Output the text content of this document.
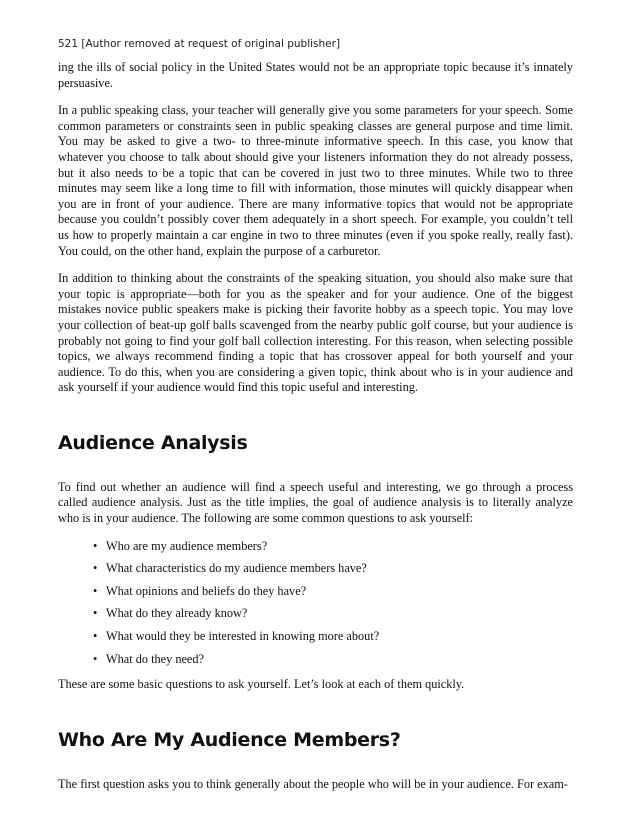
521 [Author removed at request of original publisher]

ing the ills of social policy in the United States would not be an appropriate topic because it’s innately persuasive.

In a public speaking class, your teacher will generally give you some parameters for your speech. Some common parameters or constraints seen in public speaking classes are general purpose and time limit. You may be asked to give a two- to three-minute informative speech. In this case, you know that whatever you choose to talk about should give your listeners information they do not already possess, but it also needs to be a topic that can be covered in just two to three minutes. While two to three minutes may seem like a long time to fill with information, those minutes will quickly disappear when you are in front of your audience. There are many informative topics that would not be appropriate because you couldn’t possibly cover them adequately in a short speech. For example, you couldn’t tell us how to properly maintain a car engine in two to three minutes (even if you spoke really, really fast). You could, on the other hand, explain the purpose of a carburetor.

In addition to thinking about the constraints of the speaking situation, you should also make sure that your topic is appropriate—both for you as the speaker and for your audience. One of the biggest mistakes novice public speakers make is picking their favorite hobby as a speech topic. You may love your collection of beat-up golf balls scavenged from the nearby public golf course, but your audience is probably not going to find your golf ball collection interesting. For this reason, when selecting possible topics, we always recommend finding a topic that has crossover appeal for both yourself and your audience. To do this, when you are considering a given topic, think about who is in your audience and ask yourself if your audience would find this topic useful and interesting.

Audience Analysis

To find out whether an audience will find a speech useful and interesting, we go through a process called audience analysis. Just as the title implies, the goal of audience analysis is to literally analyze who is in your audience. The following are some common questions to ask yourself:

• Who are my audience members?
• What characteristics do my audience members have?
• What opinions and beliefs do they have?
• What do they already know?
• What would they be interested in knowing more about?
• What do they need?

These are some basic questions to ask yourself. Let’s look at each of them quickly.

Who Are My Audience Members?

The first question asks you to think generally about the people who will be in your audience. For exam-
